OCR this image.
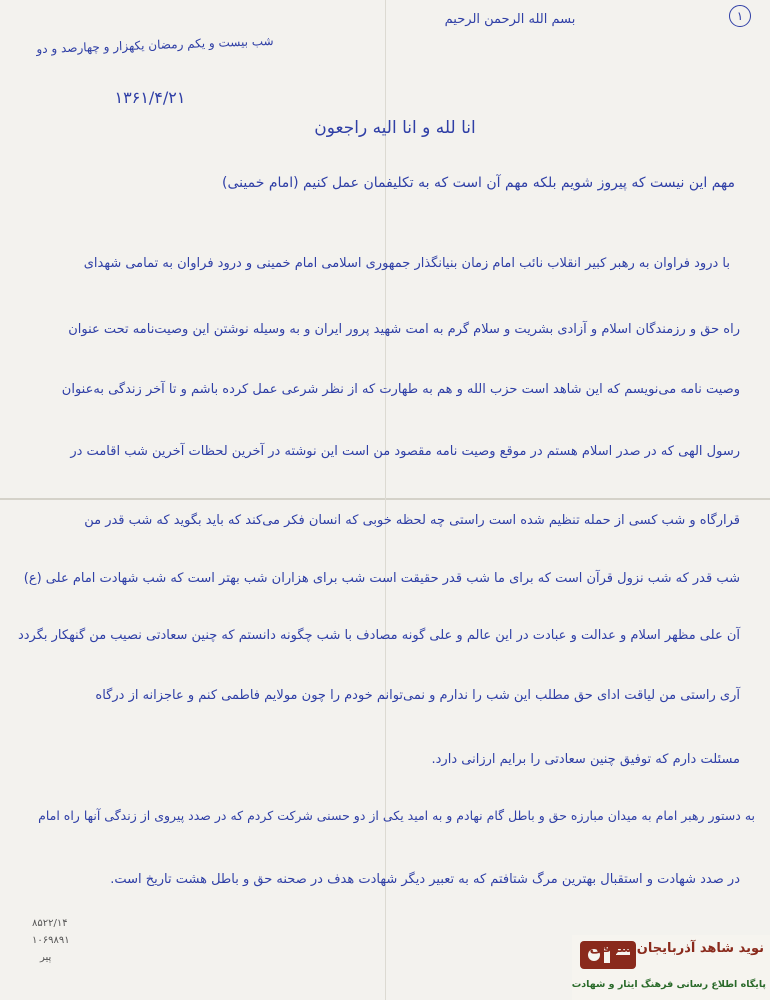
١
بسم الله الرحمن الرحیم
شب بیست و یکم رمضان یکهزار و چهارصد و دو
۱۳۶۱/۴/۲۱
انا لله و انا الیه راجعون
مهم این نیست که پیروز شویم بلکه مهم آن است که به تکلیفمان عمل کنیم (امام خمینی)
با درود فراوان به رهبر کبیر انقلاب نائب امام زمان بنیانگذار جمهوری اسلامی امام خمینی و درود فراوان به تمامی شهدای
راه حق و رزمندگان اسلام و آزادی بشریت و سلام گرم به امت شهید پرور ایران و به وسیله نوشتن این وصیت‌نامه تحت عنوان
وصیت نامه می‌نویسم که این شاهد است حزب الله و هم به طهارت که از نظر شرعی عمل کرده باشم و تا آخر زندگی به‌عنوان
رسول الهی که در صدر اسلام هستم در موقع وصیت نامه مقصود من است این نوشته در آخرین لحظات آخرین شب اقامت در
قرارگاه و شب کسی از حمله تنظیم شده است راستی چه لحظه خوبی که انسان فکر می‌کند که باید بگوید که شب قدر من
شب قدر که شب نزول قرآن است که برای ما شب قدر حقیقت است شب برای هزاران شب بهتر است که شب شهادت امام علی (ع)
آن علی مظهر اسلام و عدالت و عبادت در این عالم و علی گونه مصادف با شب چگونه دانستم که چنین سعادتی نصیب من گنهکار بگردد
آری راستی من لیاقت ادای حق مطلب این شب را ندارم و نمی‌توانم خودم را چون مولایم فاطمی کنم و عاجزانه از درگاه
مسئلت دارم که توفیق چنین سعادتی را برایم ارزانی دارد.
به دستور رهبر امام به میدان مبارزه حق و باطل گام نهادم و به امید یکی از دو حسنی شرکت کردم که در صدد پیروی از زندگی آنها راه امام
در صدد شهادت و استقبال بهترین مرگ شتافتم که به تعبیر دیگر شهادت هدف در صحنه حق و باطل هشت تاریخ است.
۸۵۲۲/۱۴
۱۰۶۹۸۹۱
پیر
نوید شاهد آذربایجان شرقی
پایگاه اطلاع رسانی فرهنگ ایثار و شهادت
